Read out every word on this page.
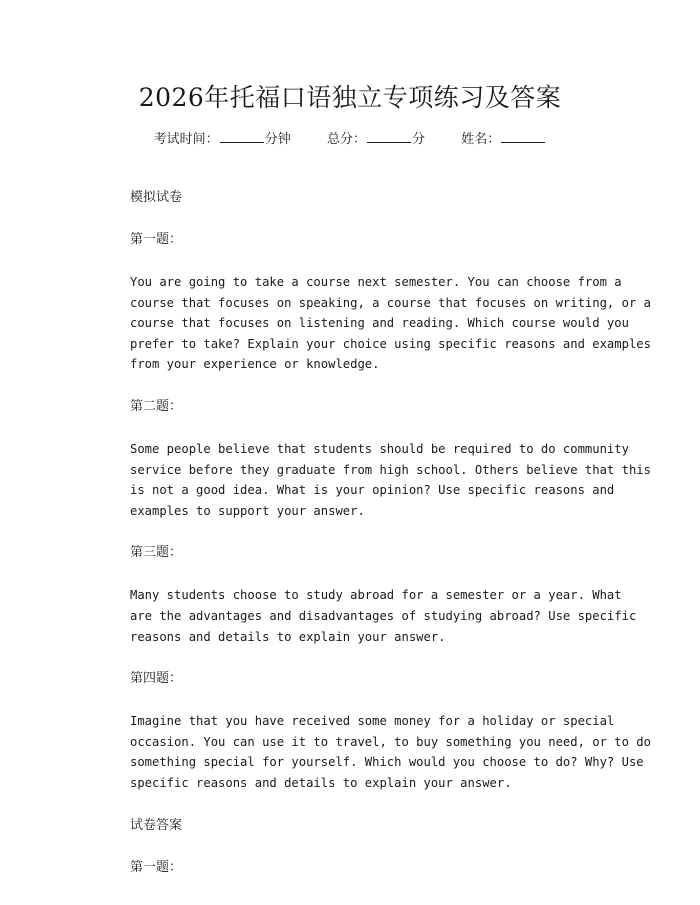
2026年托福口语独立专项练习及答案
考试时间：	分钟	总分：	分	姓名：
模拟试卷
第一题：
You are going to take a course next semester. You can choose from a
course that focuses on speaking, a course that focuses on writing, or a
course that focuses on listening and reading. Which course would you
prefer to take? Explain your choice using specific reasons and examples
from your experience or knowledge.
第二题：
Some people believe that students should be required to do community
service before they graduate from high school. Others believe that this
is not a good idea. What is your opinion? Use specific reasons and
examples to support your answer.
第三题：
Many students choose to study abroad for a semester or a year. What
are the advantages and disadvantages of studying abroad? Use specific
reasons and details to explain your answer.
第四题：
Imagine that you have received some money for a holiday or special
occasion. You can use it to travel, to buy something you need, or to do
something special for yourself. Which would you choose to do? Why? Use
specific reasons and details to explain your answer.
试卷答案
第一题：
